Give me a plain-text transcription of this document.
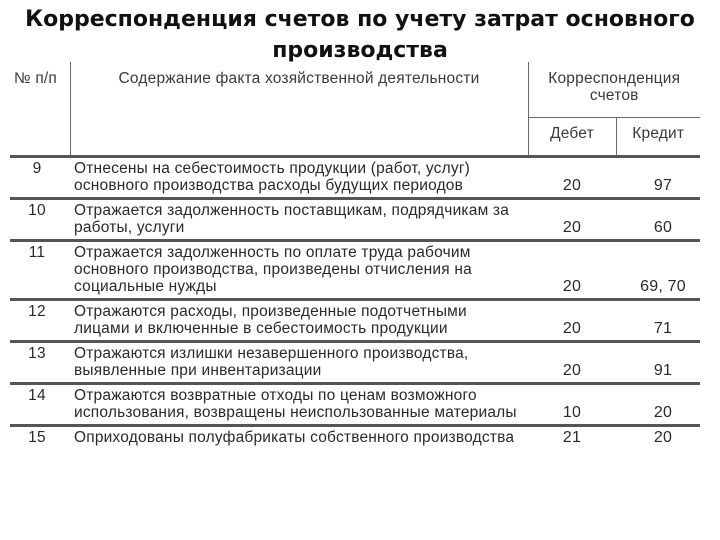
Корреспонденция счетов по учету затрат основного производства
№ п/п	Содержание факта хозяйственной деятельности	Корреспонденция счетов	
		Дебет	Кредит
9	Отнесены на себестоимость продукции (работ, услуг) основного производства расходы будущих периодов	20	97
10	Отражается задолженность поставщикам, подрядчикам за работы, услуги	20	60
11	Отражается задолженность по оплате труда рабочим основного производства, произведены отчисления на социальные нужды	20	69, 70
12	Отражаются расходы, произведенные подотчетными лицами и включенные в себестоимость продукции	20	71
13	Отражаются излишки незавершенного производства, выявленные при инвентаризации	20	91
14	Отражаются возвратные отходы по ценам возможного использования, возвращены неиспользованные материалы	10	20
15	Оприходованы полуфабрикаты собственного производства	21	20
